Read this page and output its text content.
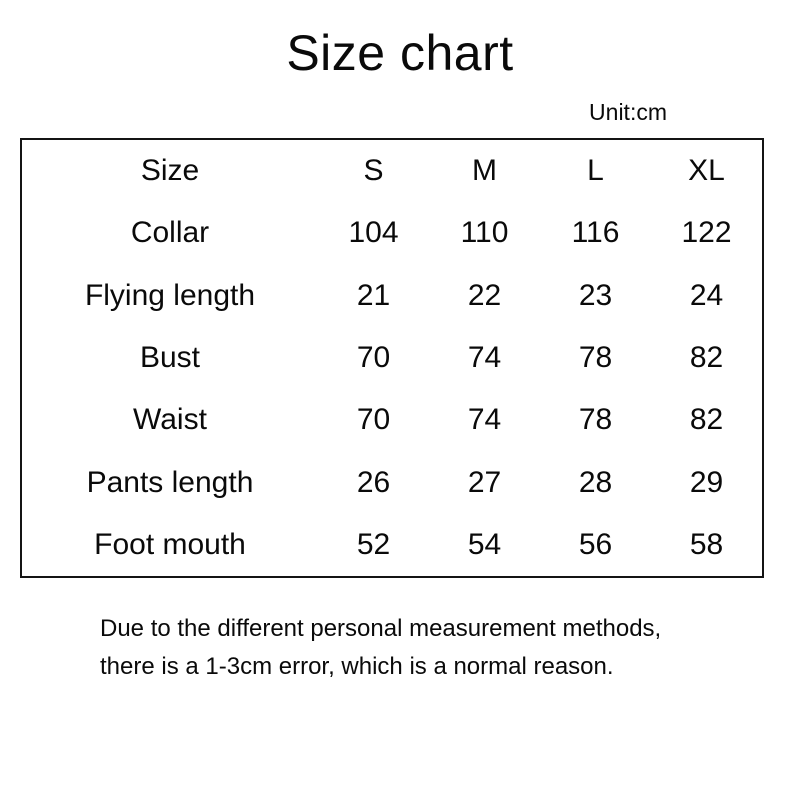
Size chart
Unit:cm
Size	S	M	L	XL
Collar	104	110	116	122
Flying length	21	22	23	24
Bust	70	74	78	82
Waist	70	74	78	82
Pants length	26	27	28	29
Foot mouth	52	54	56	58
Due to the different personal measurement methods,
there is a 1-3cm error, which is a normal reason.
